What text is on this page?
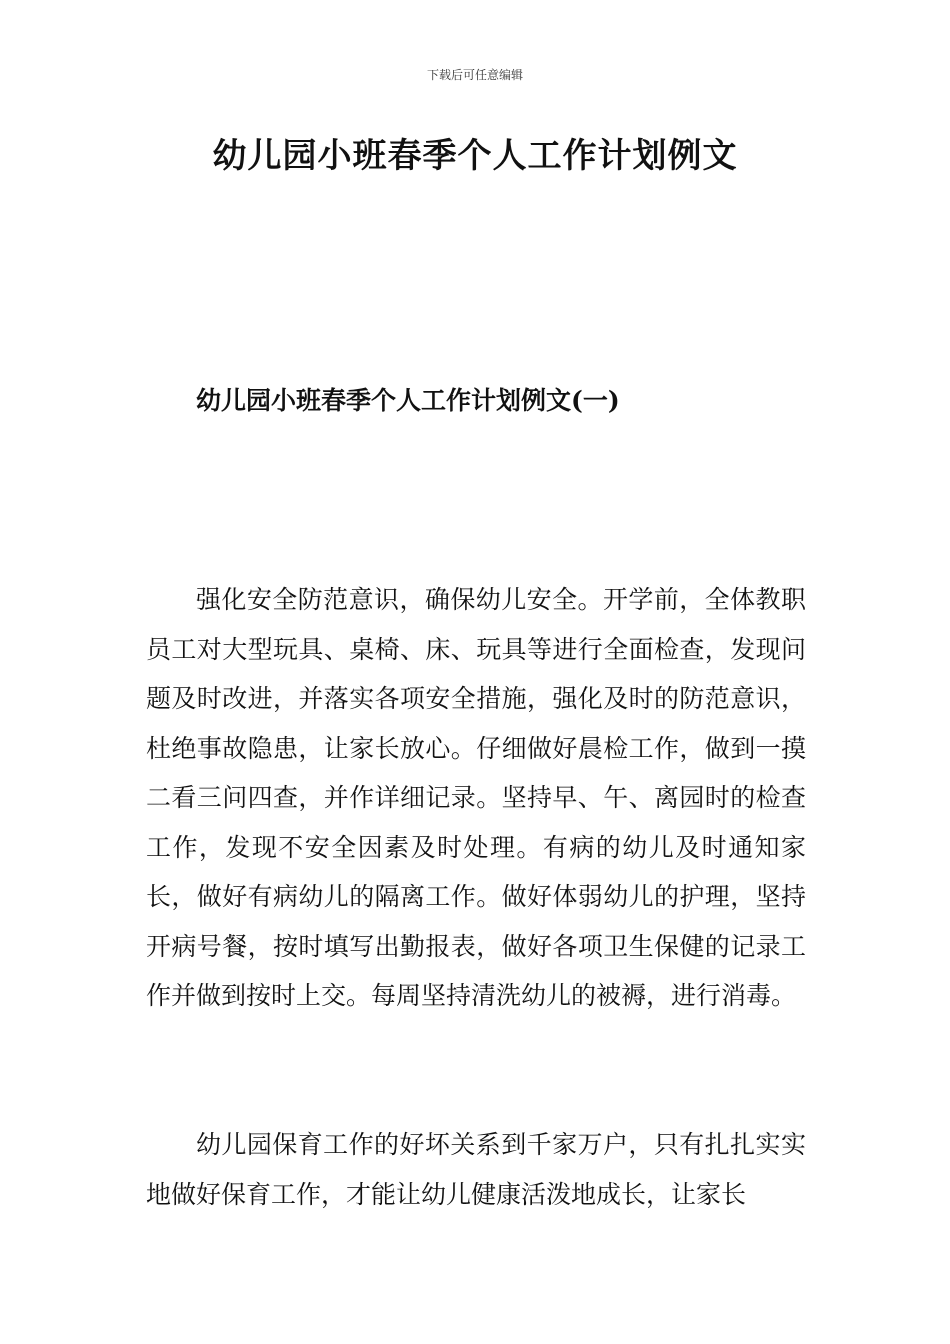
下载后可任意编辑
幼儿园小班春季个人工作计划例文
幼儿园小班春季个人工作计划例文(一)

强化安全防范意识，确保幼儿安全。开学前，全体教职员工对大型玩具、桌椅、床、玩具等进行全面检查，发现问题及时改进，并落实各项安全措施，强化及时的防范意识，杜绝事故隐患，让家长放心。仔细做好晨检工作，做到一摸二看三问四查，并作详细记录。坚持早、午、离园时的检查工作，发现不安全因素及时处理。有病的幼儿及时通知家长，做好有病幼儿的隔离工作。做好体弱幼儿的护理，坚持开病号餐，按时填写出勤报表，做好各项卫生保健的记录工作并做到按时上交。每周坚持清洗幼儿的被褥，进行消毒。

幼儿园保育工作的好坏关系到千家万户，只有扎扎实实地做好保育工作，才能让幼儿健康活泼地成长，让家长
